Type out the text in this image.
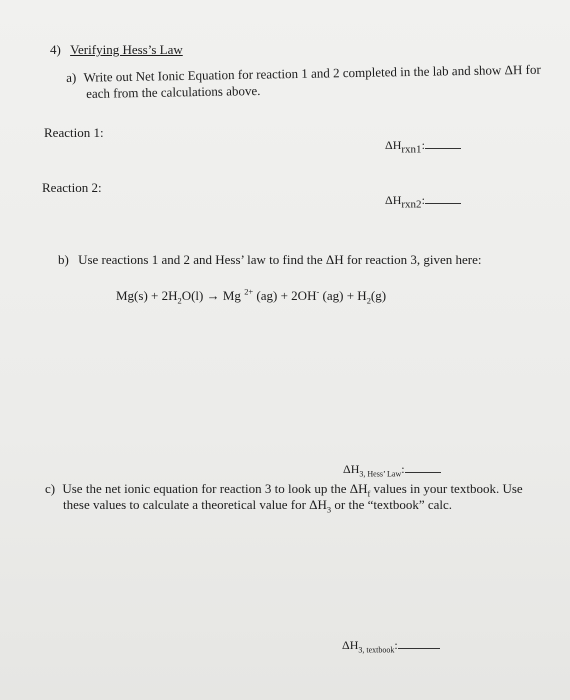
4) Verifying Hess’s Law
a) Write out Net Ionic Equation for reaction 1 and 2 completed in the lab and show ΔH for
each from the calculations above.
Reaction 1:
$\Delta H_{rxn1}$:
Reaction 2:
$\Delta H_{rxn2}$:
b) Use reactions 1 and 2 and Hess’ law to find the ΔH for reaction 3, given here:
$Mg(s) + 2H_2O(l) \to Mg$ $^{2+}$ (ag) + 2OH- $(ag) + H_2(g)$
$\Delta H_{3, Hess’ Law}$:
c) Use the net ionic equation for reaction 3 to look up the $\Delta H_f$ values in your textbook. Use
these values to calculate a theoretical value for $\Delta H_3$ or the “textbook” calc.
$\Delta H_{3, textbook}$:
